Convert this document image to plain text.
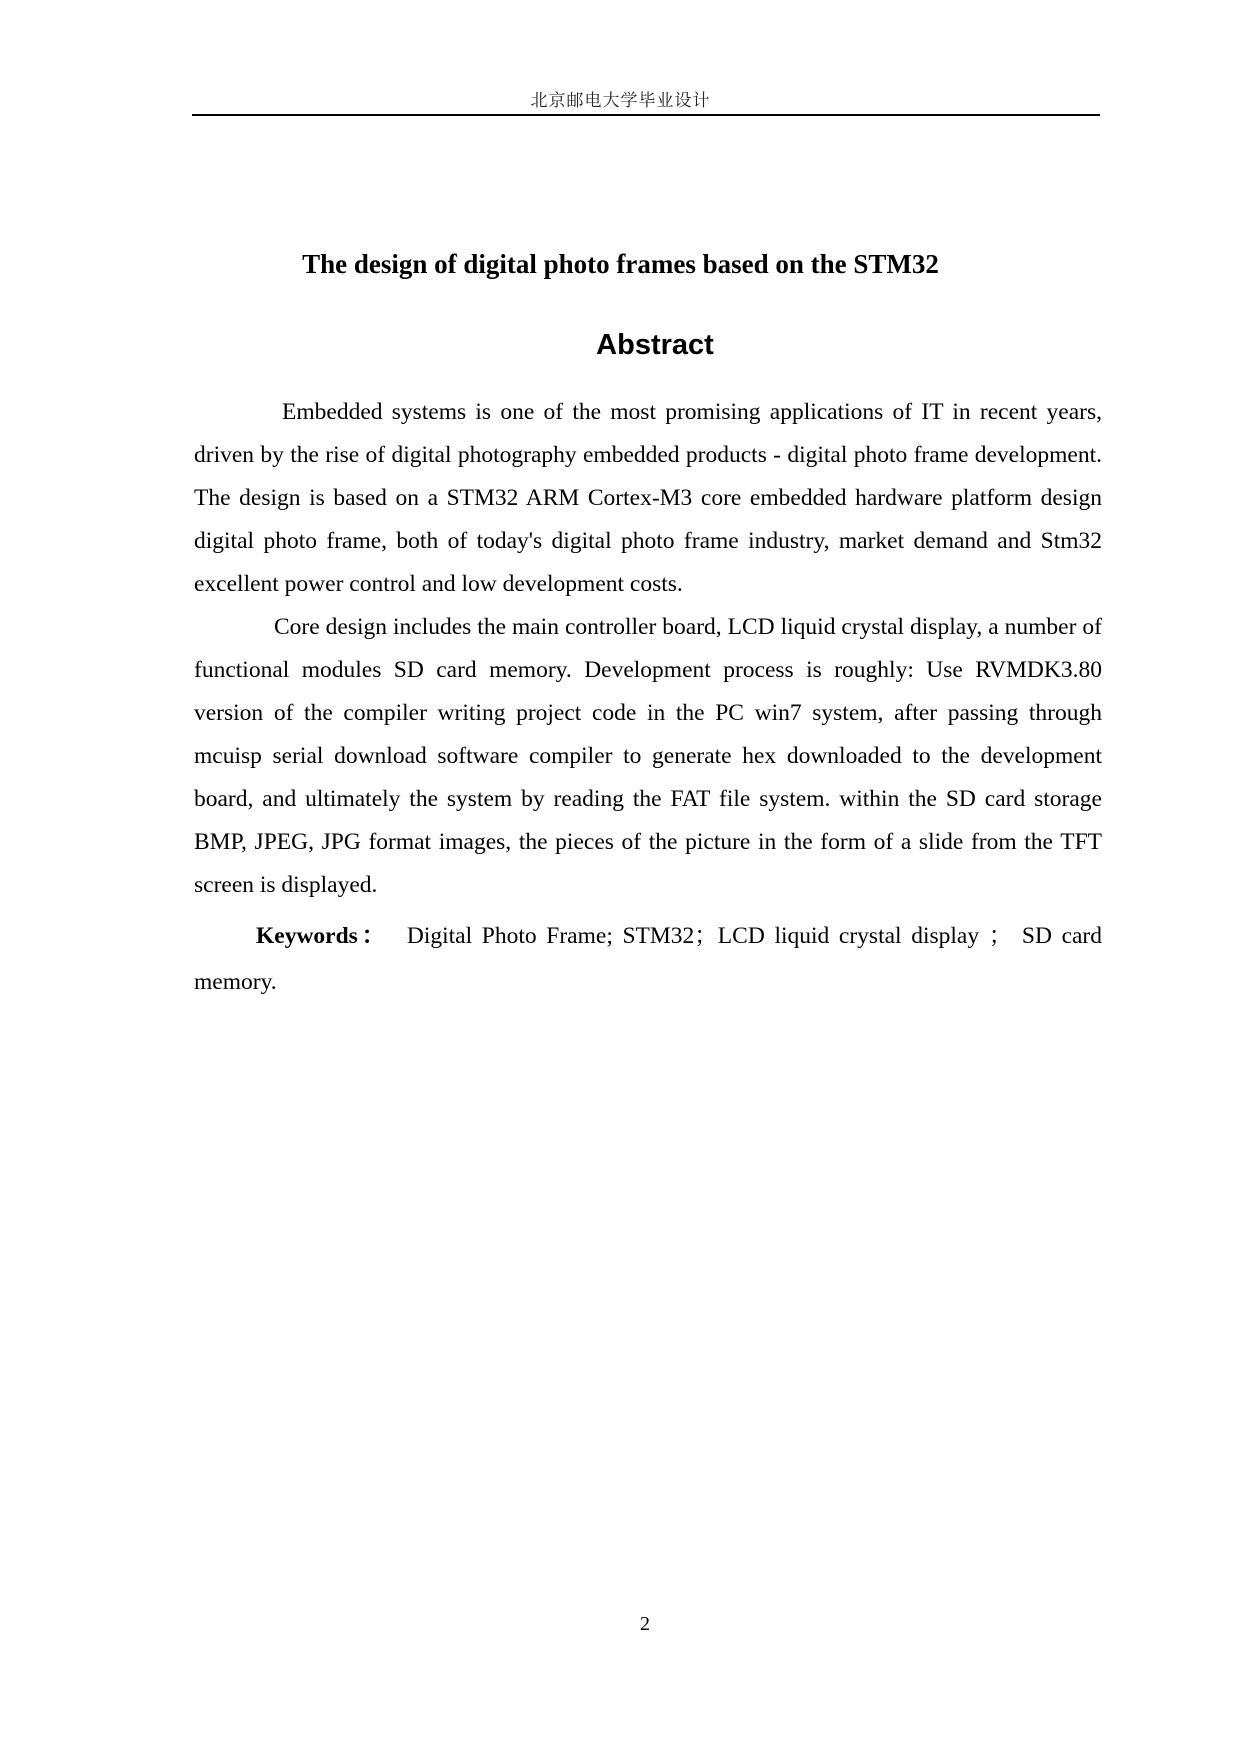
北京邮电大学毕业设计
The design of digital photo frames based on the STM32
Abstract

Embedded systems is one of the most promising applications of IT in recent years, driven by the rise of digital photography embedded products - digital photo frame development. The design is based on a STM32 ARM Cortex-M3 core embedded hardware platform design digital photo frame, both of today's digital photo frame industry, market demand and Stm32 excellent power control and low development costs.

Core design includes the main controller board, LCD liquid crystal display, a number of functional modules SD card memory. Development process is roughly: Use RVMDK3.80 version of the compiler writing project code in the PC win7 system, after passing through mcuisp serial download software compiler to generate hex downloaded to the development board, and ultimately the system by reading the FAT file system. within the SD card storage BMP, JPEG, JPG format images, the pieces of the picture in the form of a slide from the TFT screen is displayed.

Keywords： Digital Photo Frame; STM32；LCD liquid crystal display ； SD card memory.
2
